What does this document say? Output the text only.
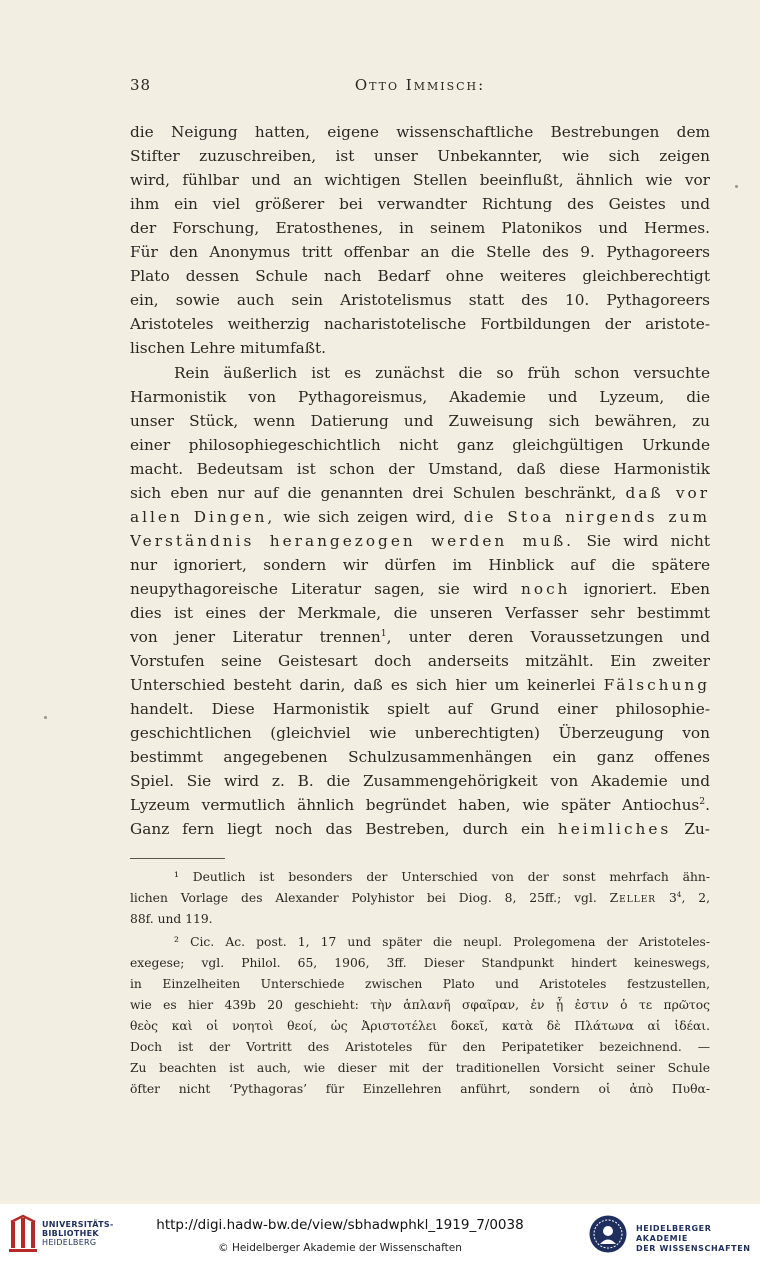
38	Otto Immisch:
die Neigung hatten, eigene wissenschaftliche Bestrebungen dem
Stifter zuzuschreiben, ist unser Unbekannter, wie sich zeigen
wird, fühlbar und an wichtigen Stellen beeinflußt, ähnlich wie vor
ihm ein viel größerer bei verwandter Richtung des Geistes und
der Forschung, Eratosthenes, in seinem Platonikos und Hermes.
Für den Anonymus tritt offenbar an die Stelle des 9. Pythagoreers
Plato dessen Schule nach Bedarf ohne weiteres gleichberechtigt
ein, sowie auch sein Aristotelismus statt des 10. Pythagoreers
Aristoteles weitherzig nacharistotelische Fortbildungen der aristote-
lischen Lehre mitumfaßt.
Rein äußerlich ist es zunächst die so früh schon versuchte
Harmonistik von Pythagoreismus, Akademie und Lyzeum, die
unser Stück, wenn Datierung und Zuweisung sich bewähren, zu
einer philosophiegeschichtlich nicht ganz gleichgültigen Urkunde
macht. Bedeutsam ist schon der Umstand, daß diese Harmonistik
sich eben nur auf die genannten drei Schulen beschränkt, daß vor
allen Dingen, wie sich zeigen wird, die Stoa nirgends zum
Verständnis herangezogen werden muß. Sie wird nicht
nur ignoriert, sondern wir dürfen im Hinblick auf die spätere
neupythagoreische Literatur sagen, sie wird noch ignoriert. Eben
dies ist eines der Merkmale, die unseren Verfasser sehr bestimmt
von jener Literatur trennen$^1$, unter deren Voraussetzungen und
Vorstufen seine Geistesart doch anderseits mitzählt. Ein zweiter
Unterschied besteht darin, daß es sich hier um keinerlei Fälschung
handelt. Diese Harmonistik spielt auf Grund einer philosophie-
geschichtlichen (gleichviel wie unberechtigten) Überzeugung von
bestimmt angegebenen Schulzusammenhängen ein ganz offenes
Spiel. Sie wird z. B. die Zusammengehörigkeit von Akademie und
Lyzeum vermutlich ähnlich begründet haben, wie später Antiochus$^2$.
Ganz fern liegt noch das Bestreben, durch ein heimliches Zu-
¹ Deutlich ist besonders der Unterschied von der sonst mehrfach ähn-
lichen Vorlage des Alexander Polyhistor bei Diog. 8, 25ff.; vgl. Zeller $3^4$, 2,
88f. und 119.
² Cic. Ac. post. 1, 17 und später die neupl. Prolegomena der Aristoteles-
exegese; vgl. Philol. 65, 1906, 3ff. Dieser Standpunkt hindert keineswegs,
in Einzelheiten Unterschiede zwischen Plato und Aristoteles festzustellen,
wie es hier 439b 20 geschieht: τὴν ἁπλανῆ σφαῖραν, ἐν ᾗ ἐστιν ὁ τε πρῶτος
θεὸς καὶ οἱ νοητοὶ θεοί, ὡς Ἀριστοτέλει δοκεῖ, κατὰ δὲ Πλάτωνα αἱ ἰδέαι.
Doch ist der Vortritt des Aristoteles für den Peripatetiker bezeichnend. —
Zu beachten ist auch, wie dieser mit der traditionellen Vorsicht seiner Schule
öfter nicht ‘Pythagoras’ für Einzellehren anführt, sondern οἱ ἀπὸ Πυθα-
UNIVERSITÄTS-
BIBLIOTHEK
HEIDELBERG
http://digi.hadw-bw.de/view/sbhadwphkl_1919_7/0038
© Heidelberger Akademie der Wissenschaften
HEIDELBERGER AKADEMIE
DER WISSENSCHAFTEN
